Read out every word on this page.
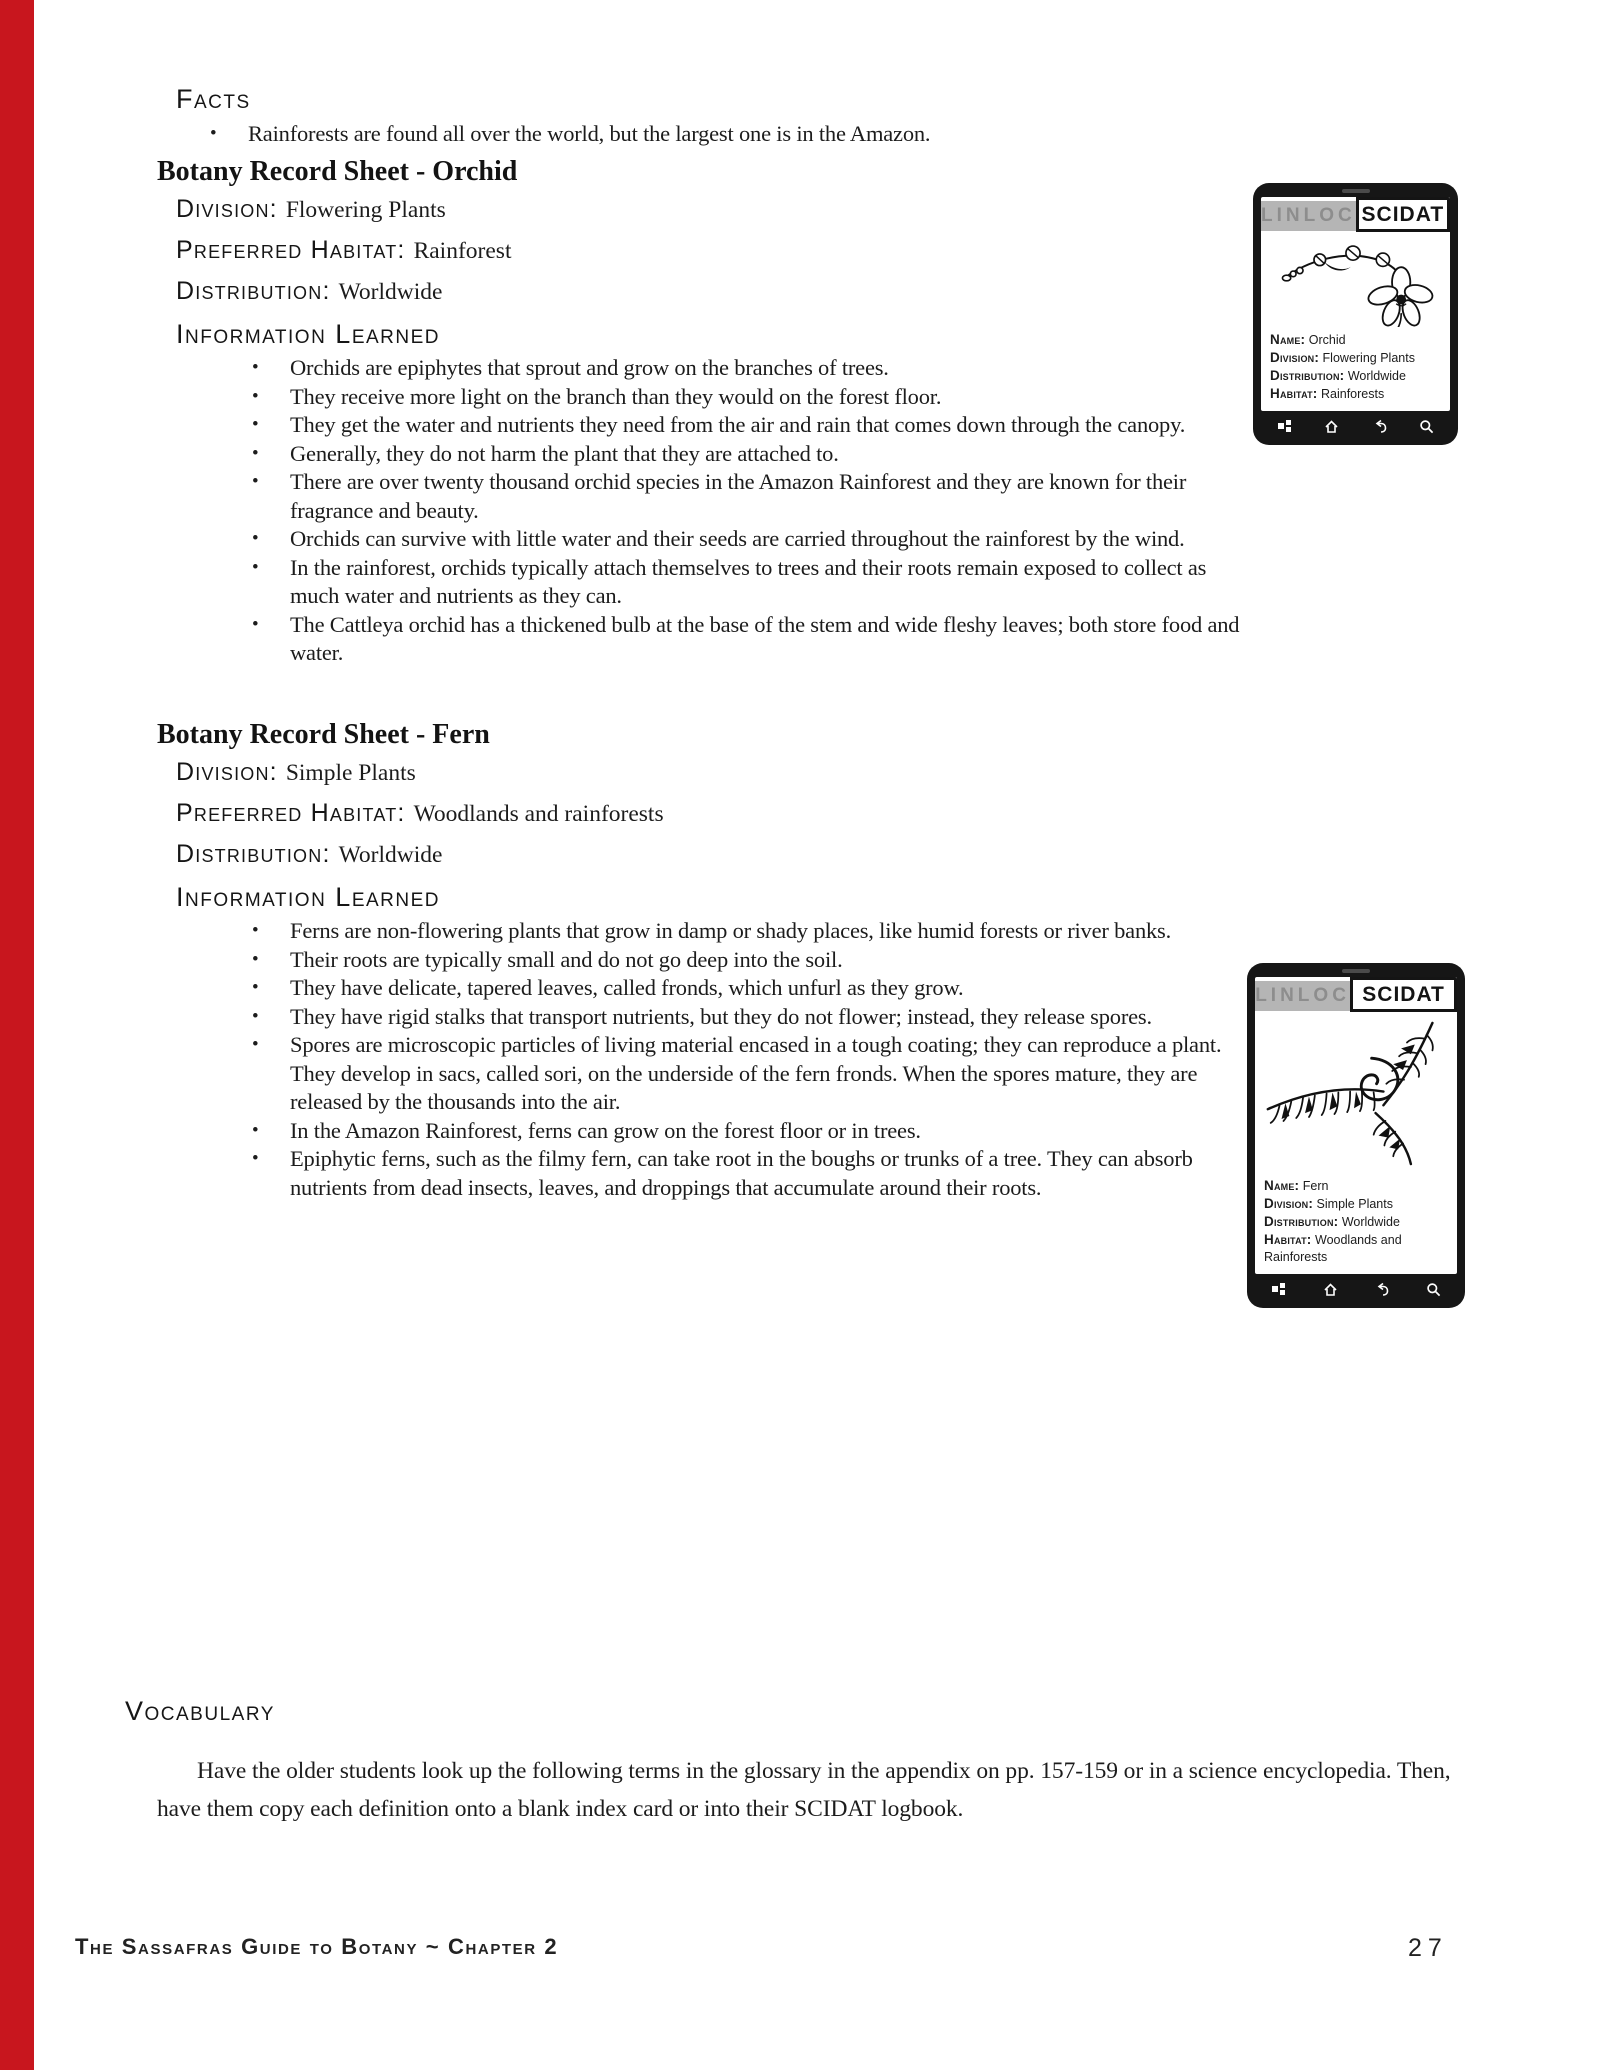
Facts
•	Rainforests are found all over the world, but the largest one is in the Amazon.
Botany Record Sheet - Orchid
Division: Flowering Plants
Preferred Habitat: Rainforest
Distribution: Worldwide
Information Learned
•	Orchids are epiphytes that sprout and grow on the branches of trees.
•	They receive more light on the branch than they would on the forest floor.
•	They get the water and nutrients they need from the air and rain that comes down through the canopy.
•	Generally, they do not harm the plant that they are attached to.
•	There are over twenty thousand orchid species in the Amazon Rainforest and they are known for their fragrance and beauty.
•	Orchids can survive with little water and their seeds are carried throughout the rainforest by the wind.
•	In the rainforest, orchids typically attach themselves to trees and their roots remain exposed to collect as much water and nutrients as they can.
•	The Cattleya orchid has a thickened bulb at the base of the stem and wide fleshy leaves; both store food and water.
Botany Record Sheet - Fern
Division: Simple Plants
Preferred Habitat: Woodlands and rainforests
Distribution: Worldwide
Information Learned
•	Ferns are non-flowering plants that grow in damp or shady places, like humid forests or river banks.
•	Their roots are typically small and do not go deep into the soil.
•	They have delicate, tapered leaves, called fronds, which unfurl as they grow.
•	They have rigid stalks that transport nutrients, but they do not flower; instead, they release spores.
•	Spores are microscopic particles of living material encased in a tough coating; they can reproduce a plant. They develop in sacs, called sori, on the underside of the fern fronds. When the spores mature, they are released by the thousands into the air.
•	In the Amazon Rainforest, ferns can grow on the forest floor or in trees.
•	Epiphytic ferns, such as the filmy fern, can take root in the boughs or trunks of a tree. They can absorb nutrients from dead insects, leaves, and droppings that accumulate around their roots.
LINLOC SCIDAT
Name: Orchid
Division: Flowering Plants
Distribution: Worldwide
Habitat: Rainforests
LINLOC SCIDAT
Name: Fern
Division: Simple Plants
Distribution: Worldwide
Habitat: Woodlands and Rainforests
Vocabulary

Have the older students look up the following terms in the glossary in the appendix on pp. 157-159 or in a science encyclopedia. Then, have them copy each definition onto a blank index card or into their SCIDAT logbook.

The Sassafras Guide to Botany ~ Chapter 2	27
